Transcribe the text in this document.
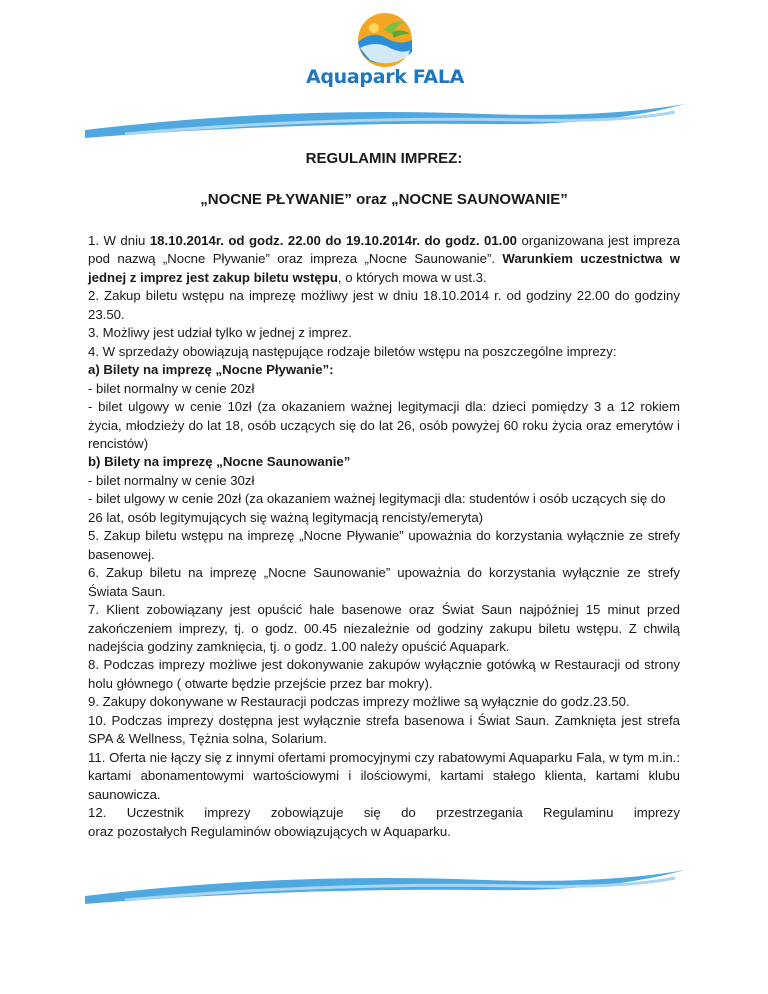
Aquapark FALA
REGULAMIN IMPREZ:
„NOCNE PŁYWANIE” oraz „NOCNE SAUNOWANIE”

1. W dniu 18.10.2014r. od godz. 22.00 do 19.10.2014r. do godz. 01.00 organizowana jest impreza pod nazwą „Nocne Pływanie” oraz impreza „Nocne Saunowanie”. Warunkiem uczestnictwa w jednej z imprez jest zakup biletu wstępu, o których mowa w ust.3.

2. Zakup biletu wstępu na imprezę możliwy jest w dniu 18.10.2014 r. od godziny 22.00 do godziny 23.50.

3. Możliwy jest udział tylko w jednej z imprez.

4. W sprzedaży obowiązują następujące rodzaje biletów wstępu na poszczególne imprezy:

a) Bilety na imprezę „Nocne Pływanie”:

- bilet normalny w cenie 20zł

- bilet ulgowy w cenie 10zł (za okazaniem ważnej legitymacji dla: dzieci pomiędzy 3 a 12 rokiem życia, młodzieży do lat 18, osób uczących się do lat 26, osób powyżej 60 roku życia oraz emerytów i rencistów)

b) Bilety na imprezę „Nocne Saunowanie”

- bilet normalny w cenie 30zł

- bilet ulgowy w cenie 20zł (za okazaniem ważnej legitymacji dla: studentów i osób uczących się do 26 lat, osób legitymujących się ważną legitymacją rencisty/emeryta)

5. Zakup biletu wstępu na imprezę „Nocne Pływanie” upoważnia do korzystania wyłącznie ze strefy basenowej.

6. Zakup biletu na imprezę „Nocne Saunowanie” upoważnia do korzystania wyłącznie ze strefy Świata Saun.

7. Klient zobowiązany jest opuścić hale basenowe oraz Świat Saun najpóźniej 15 minut przed zakończeniem imprezy, tj. o godz. 00.45 niezależnie od godziny zakupu biletu wstępu. Z chwilą nadejścia godziny zamknięcia, tj. o godz. 1.00 należy opuścić Aquapark.

8. Podczas imprezy możliwe jest dokonywanie zakupów wyłącznie gotówką w Restauracji od strony holu głównego ( otwarte będzie przejście przez bar mokry).

9. Zakupy dokonywane w Restauracji podczas imprezy możliwe są wyłącznie do godz.23.50.

10. Podczas imprezy dostępna jest wyłącznie strefa basenowa i Świat Saun. Zamknięta jest strefa SPA & Wellness, Tężnia solna, Solarium.

11. Oferta nie łączy się z innymi ofertami promocyjnymi czy rabatowymi Aquaparku Fala, w tym m.in.: kartami abonamentowymi wartościowymi i ilościowymi, kartami stałego klienta, kartami klubu saunowicza.

12. Uczestnik imprezy zobowiązuje się do przestrzegania Regulaminu imprezy

oraz pozostałych Regulaminów obowiązujących w Aquaparku.
